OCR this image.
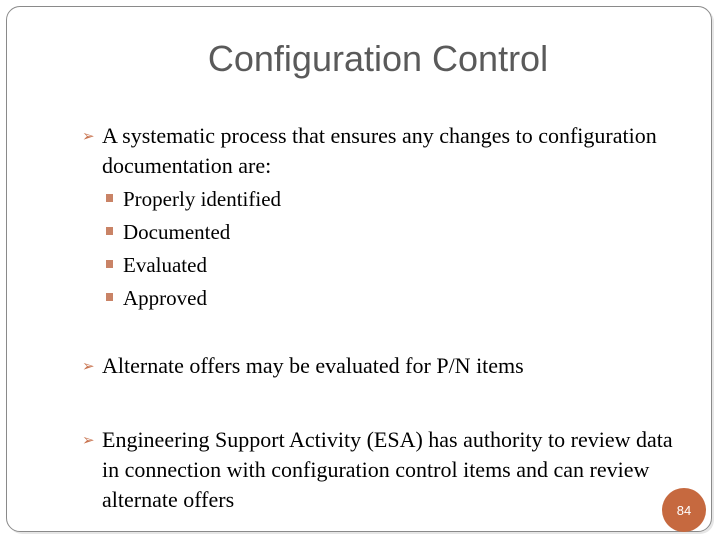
Configuration Control
➢ A systematic process that ensures any changes to configuration documentation are:
Properly identified
Documented
Evaluated
Approved
➢ Alternate offers may be evaluated for P/N items
➢ Engineering Support Activity (ESA) has authority to review data in connection with configuration control items and can review alternate offers	84
